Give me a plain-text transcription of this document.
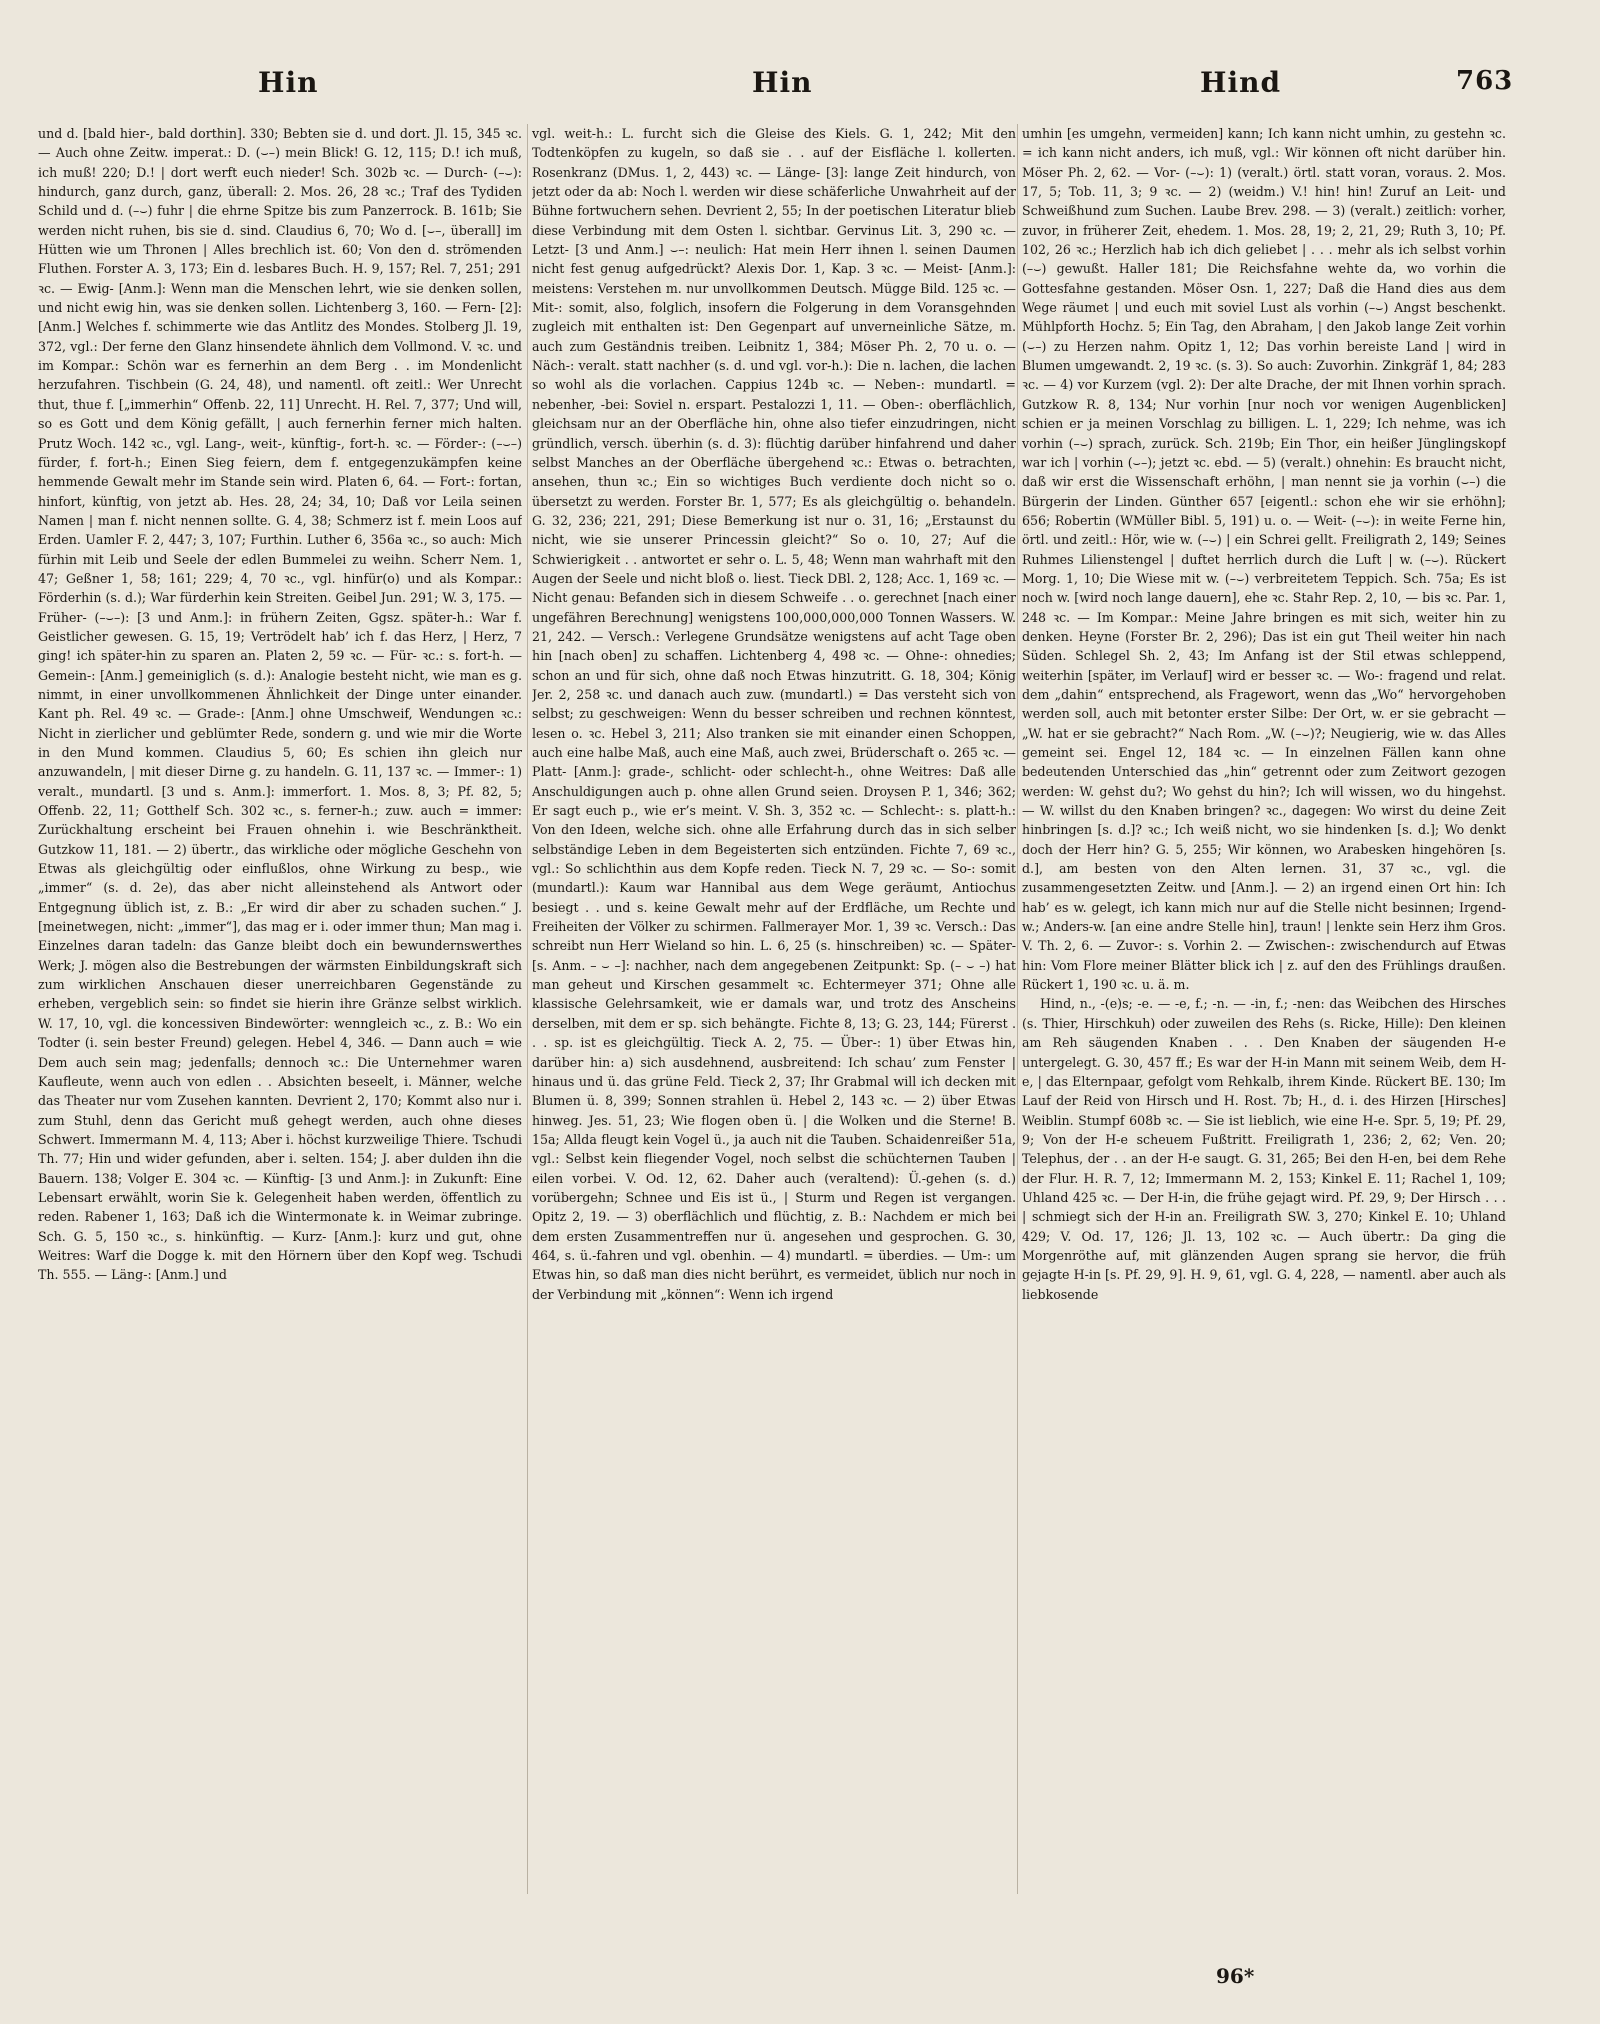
Hin	Hin	Hind	763

und d. [bald hier-, bald dorthin]. 330; Bebten sie d. und dort. Jl. 15, 345 ꝛc. — Auch ohne Zeitw. imperat.: D. (⌣–) mein Blick! G. 12, 115; D.! ich muß, ich muß! 220; D.! | dort werft euch nieder! Sch. 302b ꝛc. — Durch- (–⌣): hindurch, ganz durch, ganz, überall: 2. Mos. 26, 28 ꝛc.; Traf des Tydiden Schild und d. (–⌣) fuhr | die ehrne Spitze bis zum Panzerrock. B. 161b; Sie werden nicht ruhen, bis sie d. sind. Claudius 6, 70; Wo d. [⌣–, überall] im Hütten wie um Thronen | Alles brechlich ist. 60; Von den d. strömenden Fluthen. Forster A. 3, 173; Ein d. lesbares Buch. H. 9, 157; Rel. 7, 251; 291 ꝛc. — Ewig- [Anm.]: Wenn man die Menschen lehrt, wie sie denken sollen, und nicht ewig hin, was sie denken sollen. Lichtenberg 3, 160. — Fern- [2]: [Anm.] Welches f. schimmerte wie das Antlitz des Mondes. Stolberg Jl. 19, 372, vgl.: Der ferne den Glanz hinsendete ähnlich dem Vollmond. V. ꝛc. und im Kompar.: Schön war es fernerhin an dem Berg . . im Mondenlicht herzufahren. Tischbein (G. 24, 48), und namentl. oft zeitl.: Wer Unrecht thut, thue f. [„immerhin“ Offenb. 22, 11] Unrecht. H. Rel. 7, 377; Und will, so es Gott und dem König gefällt, | auch fernerhin ferner mich halten. Prutz Woch. 142 ꝛc., vgl. Lang-, weit-, künftig-, fort-h. ꝛc. — Förder-: (–⌣–) fürder, f. fort-h.; Einen Sieg feiern, dem f. entgegenzukämpfen keine hemmende Gewalt mehr im Stande sein wird. Platen 6, 64. — Fort-: fortan, hinfort, künftig, von jetzt ab. Hes. 28, 24; 34, 10; Daß vor Leila seinen Namen | man f. nicht nennen sollte. G. 4, 38; Schmerz ist f. mein Loos auf Erden. Uamler F. 2, 447; 3, 107; Furthin. Luther 6, 356a ꝛc., so auch: Mich fürhin mit Leib und Seele der edlen Bummelei zu weihn. Scherr Nem. 1, 47; Geßner 1, 58; 161; 229; 4, 70 ꝛc., vgl. hinfür(o) und als Kompar.: Förderhin (s. d.); War fürderhin kein Streiten. Geibel Jun. 291; W. 3, 175. — Früher- (–⌣–): [3 und Anm.]: in frühern Zeiten, Ggsz. später-h.: War f. Geistlicher gewesen. G. 15, 19; Vertrödelt hab’ ich f. das Herz, | Herz, 7 ging! ich später-hin zu sparen an. Platen 2, 59 ꝛc. — Für- ꝛc.: s. fort-h. — Gemein-: [Anm.] gemeiniglich (s. d.): Analogie besteht nicht, wie man es g. nimmt, in einer unvollkommenen Ähnlichkeit der Dinge unter einander. Kant ph. Rel. 49 ꝛc. — Grade-: [Anm.] ohne Umschweif, Wendungen ꝛc.: Nicht in zierlicher und geblümter Rede, sondern g. und wie mir die Worte in den Mund kommen. Claudius 5, 60; Es schien ihn gleich nur anzuwandeln, | mit dieser Dirne g. zu handeln. G. 11, 137 ꝛc. — Immer-: 1) veralt., mundartl. [3 und s. Anm.]: immerfort. 1. Mos. 8, 3; Pf. 82, 5; Offenb. 22, 11; Gotthelf Sch. 302 ꝛc., s. ferner-h.; zuw. auch = immer: Zurückhaltung erscheint bei Frauen ohnehin i. wie Beschränktheit. Gutzkow 11, 181. — 2) übertr., das wirkliche oder mögliche Geschehn von Etwas als gleichgültig oder einflußlos, ohne Wirkung zu besp., wie „immer“ (s. d. 2e), das aber nicht alleinstehend als Antwort oder Entgegnung üblich ist, z. B.: „Er wird dir aber zu schaden suchen.“ J. [meinetwegen, nicht: „immer“], das mag er i. oder immer thun; Man mag i. Einzelnes daran tadeln: das Ganze bleibt doch ein bewundernswerthes Werk; J. mögen also die Bestrebungen der wärmsten Einbildungskraft sich zum wirklichen Anschauen dieser unerreichbaren Gegenstände zu erheben, vergeblich sein: so findet sie hierin ihre Gränze selbst wirklich. W. 17, 10, vgl. die koncessiven Bindewörter: wenngleich ꝛc., z. B.: Wo ein Todter (i. sein bester Freund) gelegen. Hebel 4, 346. — Dann auch = wie Dem auch sein mag; jedenfalls; dennoch ꝛc.: Die Unternehmer waren Kaufleute, wenn auch von edlen . . Absichten beseelt, i. Männer, welche das Theater nur vom Zusehen kannten. Devrient 2, 170; Kommt also nur i. zum Stuhl, denn das Gericht muß gehegt werden, auch ohne dieses Schwert. Immermann M. 4, 113; Aber i. höchst kurzweilige Thiere. Tschudi Th. 77; Hin und wider gefunden, aber i. selten. 154; J. aber dulden ihn die Bauern. 138; Volger E. 304 ꝛc. — Künftig- [3 und Anm.]: in Zukunft: Eine Lebensart erwählt, worin Sie k. Gelegenheit haben werden, öffentlich zu reden. Rabener 1, 163; Daß ich die Wintermonate k. in Weimar zubringe. Sch. G. 5, 150 ꝛc., s. hinkünftig. — Kurz- [Anm.]: kurz und gut, ohne Weitres: Warf die Dogge k. mit den Hörnern über den Kopf weg. Tschudi Th. 555. — Läng-: [Anm.] und

vgl. weit-h.: L. furcht sich die Gleise des Kiels. G. 1, 242; Mit den Todtenköpfen zu kugeln, so daß sie . . auf der Eisfläche l. kollerten. Rosenkranz (DMus. 1, 2, 443) ꝛc. — Länge- [3]: lange Zeit hindurch, von jetzt oder da ab: Noch l. werden wir diese schäferliche Unwahrheit auf der Bühne fortwuchern sehen. Devrient 2, 55; In der poetischen Literatur blieb diese Verbindung mit dem Osten l. sichtbar. Gervinus Lit. 3, 290 ꝛc. — Letzt- [3 und Anm.] ⌣–: neulich: Hat mein Herr ihnen l. seinen Daumen nicht fest genug aufgedrückt? Alexis Dor. 1, Kap. 3 ꝛc. — Meist- [Anm.]: meistens: Verstehen m. nur unvollkommen Deutsch. Mügge Bild. 125 ꝛc. — Mit-: somit, also, folglich, insofern die Folgerung in dem Voransgehnden zugleich mit enthalten ist: Den Gegenpart auf unverneinliche Sätze, m. auch zum Geständnis treiben. Leibnitz 1, 384; Möser Ph. 2, 70 u. o. — Näch-: veralt. statt nachher (s. d. und vgl. vor-h.): Die n. lachen, die lachen so wohl als die vorlachen. Cappius 124b ꝛc. — Neben-: mundartl. = nebenher, -bei: Soviel n. erspart. Pestalozzi 1, 11. — Oben-: oberflächlich, gleichsam nur an der Oberfläche hin, ohne also tiefer einzudringen, nicht gründlich, versch. überhin (s. d. 3): flüchtig darüber hinfahrend und daher selbst Manches an der Oberfläche übergehend ꝛc.: Etwas o. betrachten, ansehen, thun ꝛc.; Ein so wichtiges Buch verdiente doch nicht so o. übersetzt zu werden. Forster Br. 1, 577; Es als gleichgültig o. behandeln. G. 32, 236; 221, 291; Diese Bemerkung ist nur o. 31, 16; „Erstaunst du nicht, wie sie unserer Princessin gleicht?“ So o. 10, 27; Auf die Schwierigkeit . . antwortet er sehr o. L. 5, 48; Wenn man wahrhaft mit den Augen der Seele und nicht bloß o. liest. Tieck DBl. 2, 128; Acc. 1, 169 ꝛc. — Nicht genau: Befanden sich in diesem Schweife . . o. gerechnet [nach einer ungefähren Berechnung] wenigstens 100,000,000,000 Tonnen Wassers. W. 21, 242. — Versch.: Verlegene Grundsätze wenigstens auf acht Tage oben hin [nach oben] zu schaffen. Lichtenberg 4, 498 ꝛc. — Ohne-: ohnedies; schon an und für sich, ohne daß noch Etwas hinzutritt. G. 18, 304; König Jer. 2, 258 ꝛc. und danach auch zuw. (mundartl.) = Das versteht sich von selbst; zu geschweigen: Wenn du besser schreiben und rechnen könntest, lesen o. ꝛc. Hebel 3, 211; Also tranken sie mit einander einen Schoppen, auch eine halbe Maß, auch eine Maß, auch zwei, Brüderschaft o. 265 ꝛc. — Platt- [Anm.]: grade-, schlicht- oder schlecht-h., ohne Weitres: Daß alle Anschuldigungen auch p. ohne allen Grund seien. Droysen P. 1, 346; 362; Er sagt euch p., wie er’s meint. V. Sh. 3, 352 ꝛc. — Schlecht-: s. platt-h.: Von den Ideen, welche sich. ohne alle Erfahrung durch das in sich selber selbständige Leben in dem Begeisterten sich entzünden. Fichte 7, 69 ꝛc., vgl.: So schlichthin aus dem Kopfe reden. Tieck N. 7, 29 ꝛc. — So-: somit (mundartl.): Kaum war Hannibal aus dem Wege geräumt, Antiochus besiegt . . und s. keine Gewalt mehr auf der Erdfläche, um Rechte und Freiheiten der Völker zu schirmen. Fallmerayer Mor. 1, 39 ꝛc. Versch.: Das schreibt nun Herr Wieland so hin. L. 6, 25 (s. hinschreiben) ꝛc. — Später- [s. Anm. – ⌣ –]: nachher, nach dem angegebenen Zeitpunkt: Sp. (– ⌣ –) hat man geheut und Kirschen gesammelt ꝛc. Echtermeyer 371; Ohne alle klassische Gelehrsamkeit, wie er damals war, und trotz des Anscheins derselben, mit dem er sp. sich behängte. Fichte 8, 13; G. 23, 144; Fürerst . . . sp. ist es gleichgültig. Tieck A. 2, 75. — Über-: 1) über Etwas hin, darüber hin: a) sich ausdehnend, ausbreitend: Ich schau’ zum Fenster | hinaus und ü. das grüne Feld. Tieck 2, 37; Ihr Grabmal will ich decken mit Blumen ü. 8, 399; Sonnen strahlen ü. Hebel 2, 143 ꝛc. — 2) über Etwas hinweg. Jes. 51, 23; Wie flogen oben ü. | die Wolken und die Sterne! B. 15a; Allda fleugt kein Vogel ü., ja auch nit die Tauben. Schaidenreißer 51a, vgl.: Selbst kein fliegender Vogel, noch selbst die schüchternen Tauben | eilen vorbei. V. Od. 12, 62. Daher auch (veraltend): Ü.-gehen (s. d.) vorübergehn; Schnee und Eis ist ü., | Sturm und Regen ist vergangen. Opitz 2, 19. — 3) oberflächlich und flüchtig, z. B.: Nachdem er mich bei dem ersten Zusammentreffen nur ü. angesehen und gesprochen. G. 30, 464, s. ü.-fahren und vgl. obenhin. — 4) mundartl. = überdies. — Um-: um Etwas hin, so daß man dies nicht berührt, es vermeidet, üblich nur noch in der Verbindung mit „können“: Wenn ich irgend

umhin [es umgehn, vermeiden] kann; Ich kann nicht umhin, zu gestehn ꝛc. = ich kann nicht anders, ich muß, vgl.: Wir können oft nicht darüber hin. Möser Ph. 2, 62. — Vor- (–⌣): 1) (veralt.) örtl. statt voran, voraus. 2. Mos. 17, 5; Tob. 11, 3; 9 ꝛc. — 2) (weidm.) V.! hin! hin! Zuruf an Leit- und Schweißhund zum Suchen. Laube Brev. 298. — 3) (veralt.) zeitlich: vorher, zuvor, in früherer Zeit, ehedem. 1. Mos. 28, 19; 2, 21, 29; Ruth 3, 10; Pf. 102, 26 ꝛc.; Herzlich hab ich dich geliebet | . . . mehr als ich selbst vorhin (–⌣) gewußt. Haller 181; Die Reichsfahne wehte da, wo vorhin die Gottesfahne gestanden. Möser Osn. 1, 227; Daß die Hand dies aus dem Wege räumet | und euch mit soviel Lust als vorhin (–⌣) Angst beschenkt. Mühlpforth Hochz. 5; Ein Tag, den Abraham, | den Jakob lange Zeit vorhin (⌣–) zu Herzen nahm. Opitz 1, 12; Das vorhin bereiste Land | wird in Blumen umgewandt. 2, 19 ꝛc. (s. 3). So auch: Zuvorhin. Zinkgräf 1, 84; 283 ꝛc. — 4) vor Kurzem (vgl. 2): Der alte Drache, der mit Ihnen vorhin sprach. Gutzkow R. 8, 134; Nur vorhin [nur noch vor wenigen Augenblicken] schien er ja meinen Vorschlag zu billigen. L. 1, 229; Ich nehme, was ich vorhin (–⌣) sprach, zurück. Sch. 219b; Ein Thor, ein heißer Jünglingskopf war ich | vorhin (⌣–); jetzt ꝛc. ebd. — 5) (veralt.) ohnehin: Es braucht nicht, daß wir erst die Wissenschaft erhöhn, | man nennt sie ja vorhin (⌣–) die Bürgerin der Linden. Günther 657 [eigentl.: schon ehe wir sie erhöhn]; 656; Robertin (WMüller Bibl. 5, 191) u. o. — Weit- (–⌣): in weite Ferne hin, örtl. und zeitl.: Hör, wie w. (–⌣) | ein Schrei gellt. Freiligrath 2, 149; Seines Ruhmes Lilienstengel | duftet herrlich durch die Luft | w. (–⌣). Rückert Morg. 1, 10; Die Wiese mit w. (–⌣) verbreitetem Teppich. Sch. 75a; Es ist noch w. [wird noch lange dauern], ehe ꝛc. Stahr Rep. 2, 10, — bis ꝛc. Par. 1, 248 ꝛc. — Im Kompar.: Meine Jahre bringen es mit sich, weiter hin zu denken. Heyne (Forster Br. 2, 296); Das ist ein gut Theil weiter hin nach Süden. Schlegel Sh. 2, 43; Im Anfang ist der Stil etwas schleppend, weiterhin [später, im Verlauf] wird er besser ꝛc. — Wo-: fragend und relat. dem „dahin“ entsprechend, als Fragewort, wenn das „Wo“ hervorgehoben werden soll, auch mit betonter erster Silbe: Der Ort, w. er sie gebracht — „W. hat er sie gebracht?“ Nach Rom. „W. (–⌣)?; Neugierig, wie w. das Alles gemeint sei. Engel 12, 184 ꝛc. — In einzelnen Fällen kann ohne bedeutenden Unterschied das „hin“ getrennt oder zum Zeitwort gezogen werden: W. gehst du?; Wo gehst du hin?; Ich will wissen, wo du hingehst. — W. willst du den Knaben bringen? ꝛc., dagegen: Wo wirst du deine Zeit hinbringen [s. d.]? ꝛc.; Ich weiß nicht, wo sie hindenken [s. d.]; Wo denkt doch der Herr hin? G. 5, 255; Wir können, wo Arabesken hingehören [s. d.], am besten von den Alten lernen. 31, 37 ꝛc., vgl. die zusammengesetzten Zeitw. und [Anm.]. — 2) an irgend einen Ort hin: Ich hab’ es w. gelegt, ich kann mich nur auf die Stelle nicht besinnen; Irgend-w.; Anders-w. [an eine andre Stelle hin], traun! | lenkte sein Herz ihm Gros. V. Th. 2, 6. — Zuvor-: s. Vorhin 2. — Zwischen-: zwischendurch auf Etwas hin: Vom Flore meiner Blätter blick ich | z. auf den des Frühlings draußen. Rückert 1, 190 ꝛc. u. ä. m.

Hind, n., -(e)s; -e. — -e, f.; -n. — -in, f.; -nen: das Weibchen des Hirsches (s. Thier, Hirschkuh) oder zuweilen des Rehs (s. Ricke, Hille): Den kleinen am Reh säugenden Knaben . . . Den Knaben der säugenden H-e untergelegt. G. 30, 457 ff.; Es war der H-in Mann mit seinem Weib, dem H-e, | das Elternpaar, gefolgt vom Rehkalb, ihrem Kinde. Rückert BE. 130; Im Lauf der Reid von Hirsch und H. Rost. 7b; H., d. i. des Hirzen [Hirsches] Weiblin. Stumpf 608b ꝛc. — Sie ist lieblich, wie eine H-e. Spr. 5, 19; Pf. 29, 9; Von der H-e scheuem Fußtritt. Freiligrath 1, 236; 2, 62; Ven. 20; Telephus, der . . an der H-e saugt. G. 31, 265; Bei den H-en, bei dem Rehe der Flur. H. R. 7, 12; Immermann M. 2, 153; Kinkel E. 11; Rachel 1, 109; Uhland 425 ꝛc. — Der H-in, die frühe gejagt wird. Pf. 29, 9; Der Hirsch . . . | schmiegt sich der H-in an. Freiligrath SW. 3, 270; Kinkel E. 10; Uhland 429; V. Od. 17, 126; Jl. 13, 102 ꝛc. — Auch übertr.: Da ging die Morgenröthe auf, mit glänzenden Augen sprang sie hervor, die früh gejagte H-in [s. Pf. 29, 9]. H. 9, 61, vgl. G. 4, 228, — namentl. aber auch als liebkosende

96*
